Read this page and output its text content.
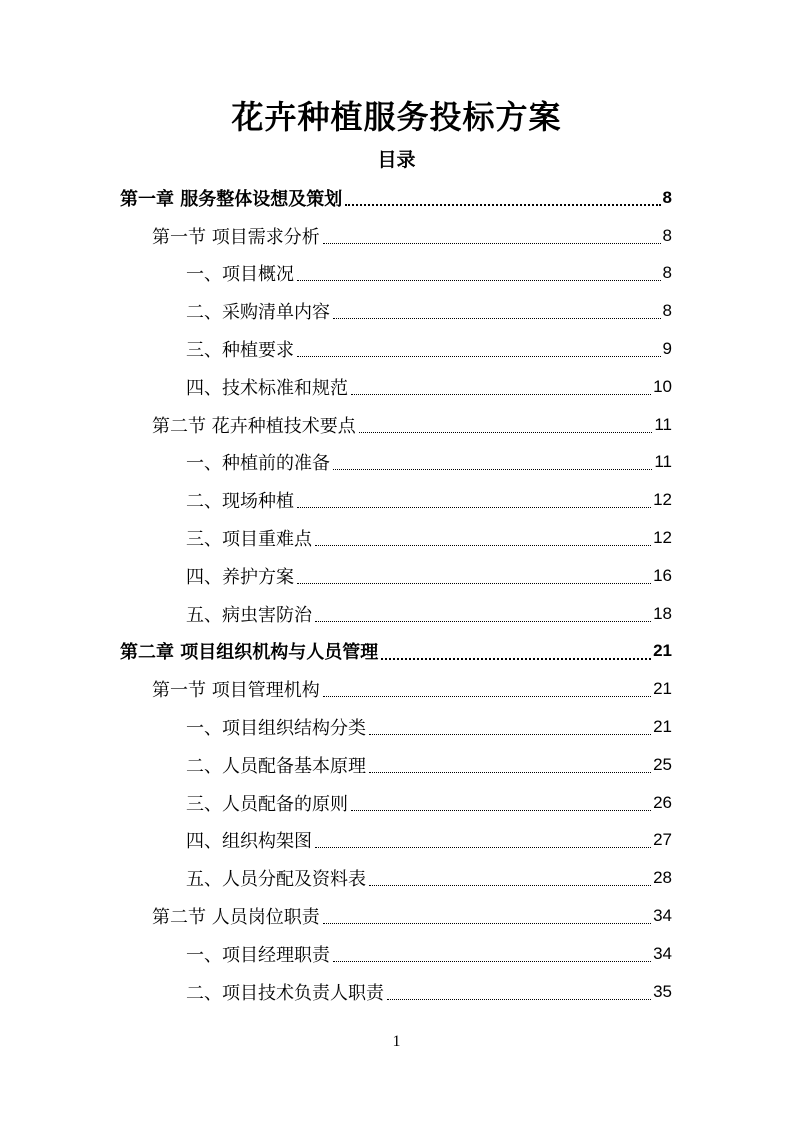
花卉种植服务投标方案
目录
第一章 服务整体设想及策划	8
第一节 项目需求分析	8
一、项目概况	8
二、采购清单内容	8
三、种植要求	9
四、技术标准和规范	10
第二节 花卉种植技术要点	11
一、种植前的准备	11
二、现场种植	12
三、项目重难点	12
四、养护方案	16
五、病虫害防治	18
第二章 项目组织机构与人员管理	21
第一节 项目管理机构	21
一、项目组织结构分类	21
二、人员配备基本原理	25
三、人员配备的原则	26
四、组织构架图	27
五、人员分配及资料表	28
第二节 人员岗位职责	34
一、项目经理职责	34
二、项目技术负责人职责	35
1
